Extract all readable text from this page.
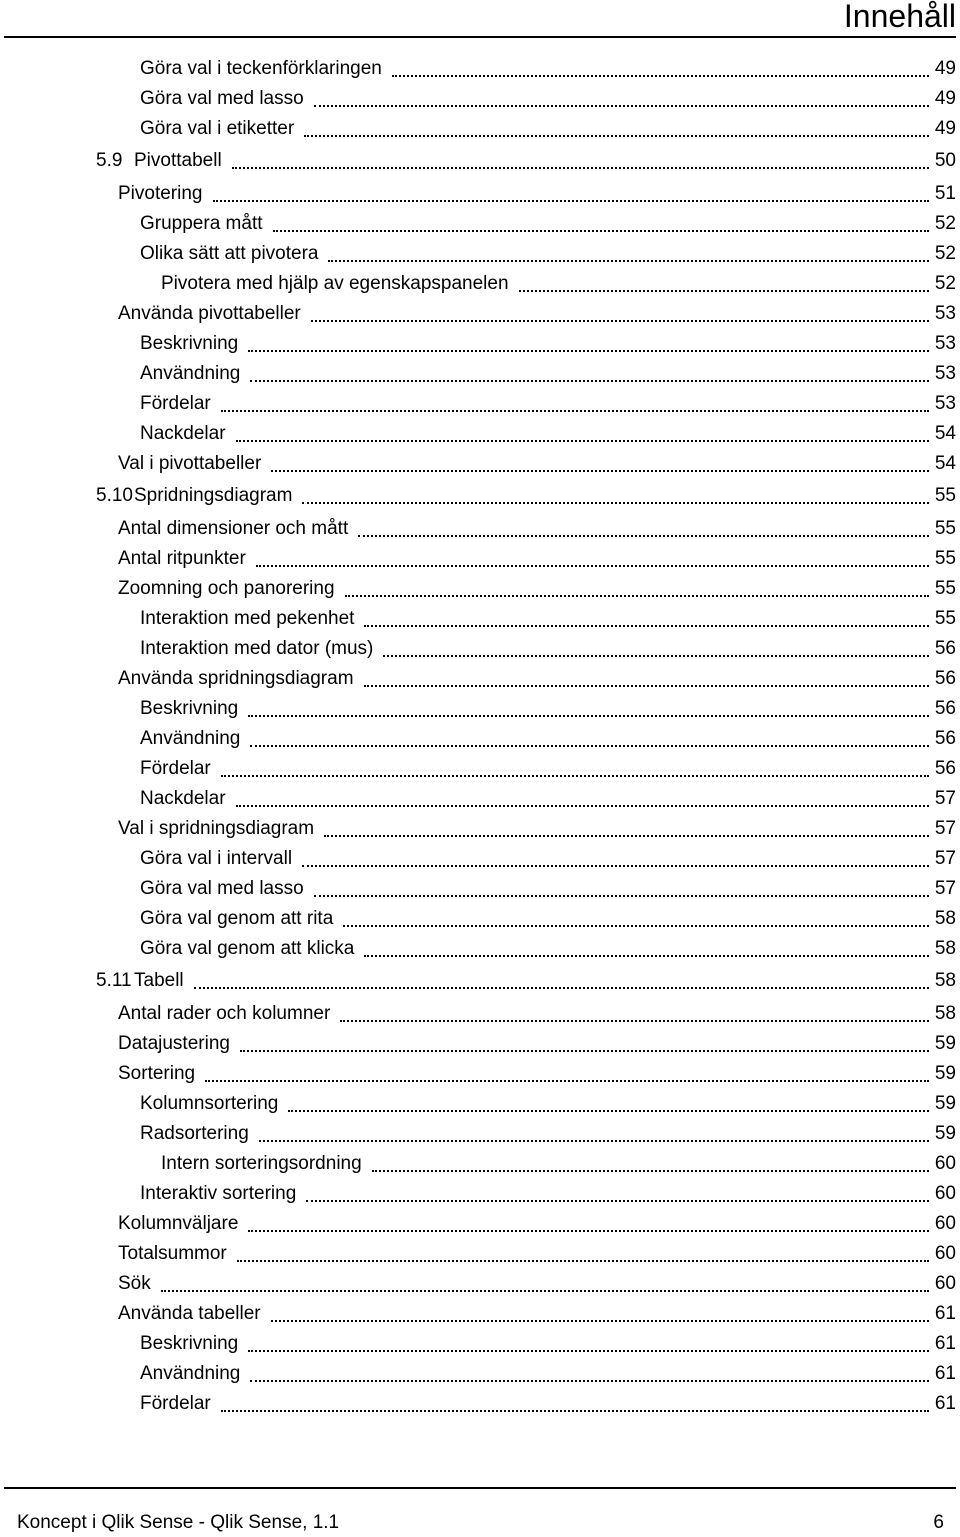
Innehåll
Göra val i teckenförklaringen	49
Göra val med lasso	49
Göra val i etiketter	49
5.9 Pivottabell	50
Pivotering	51
Gruppera mått	52
Olika sätt att pivotera	52
Pivotera med hjälp av egenskapspanelen	52
Använda pivottabeller	53
Beskrivning	53
Användning	53
Fördelar	53
Nackdelar	54
Val i pivottabeller	54
5.10 Spridningsdiagram	55
Antal dimensioner och mått	55
Antal ritpunkter	55
Zoomning och panorering	55
Interaktion med pekenhet	55
Interaktion med dator (mus)	56
Använda spridningsdiagram	56
Beskrivning	56
Användning	56
Fördelar	56
Nackdelar	57
Val i spridningsdiagram	57
Göra val i intervall	57
Göra val med lasso	57
Göra val genom att rita	58
Göra val genom att klicka	58
5.11 Tabell	58
Antal rader och kolumner	58
Datajustering	59
Sortering	59
Kolumnsortering	59
Radsortering	59
Intern sorteringsordning	60
Interaktiv sortering	60
Kolumnväljare	60
Totalsummor	60
Sök	60
Använda tabeller	61
Beskrivning	61
Användning	61
Fördelar	61
Koncept i Qlik Sense - Qlik Sense, 1.1	6
